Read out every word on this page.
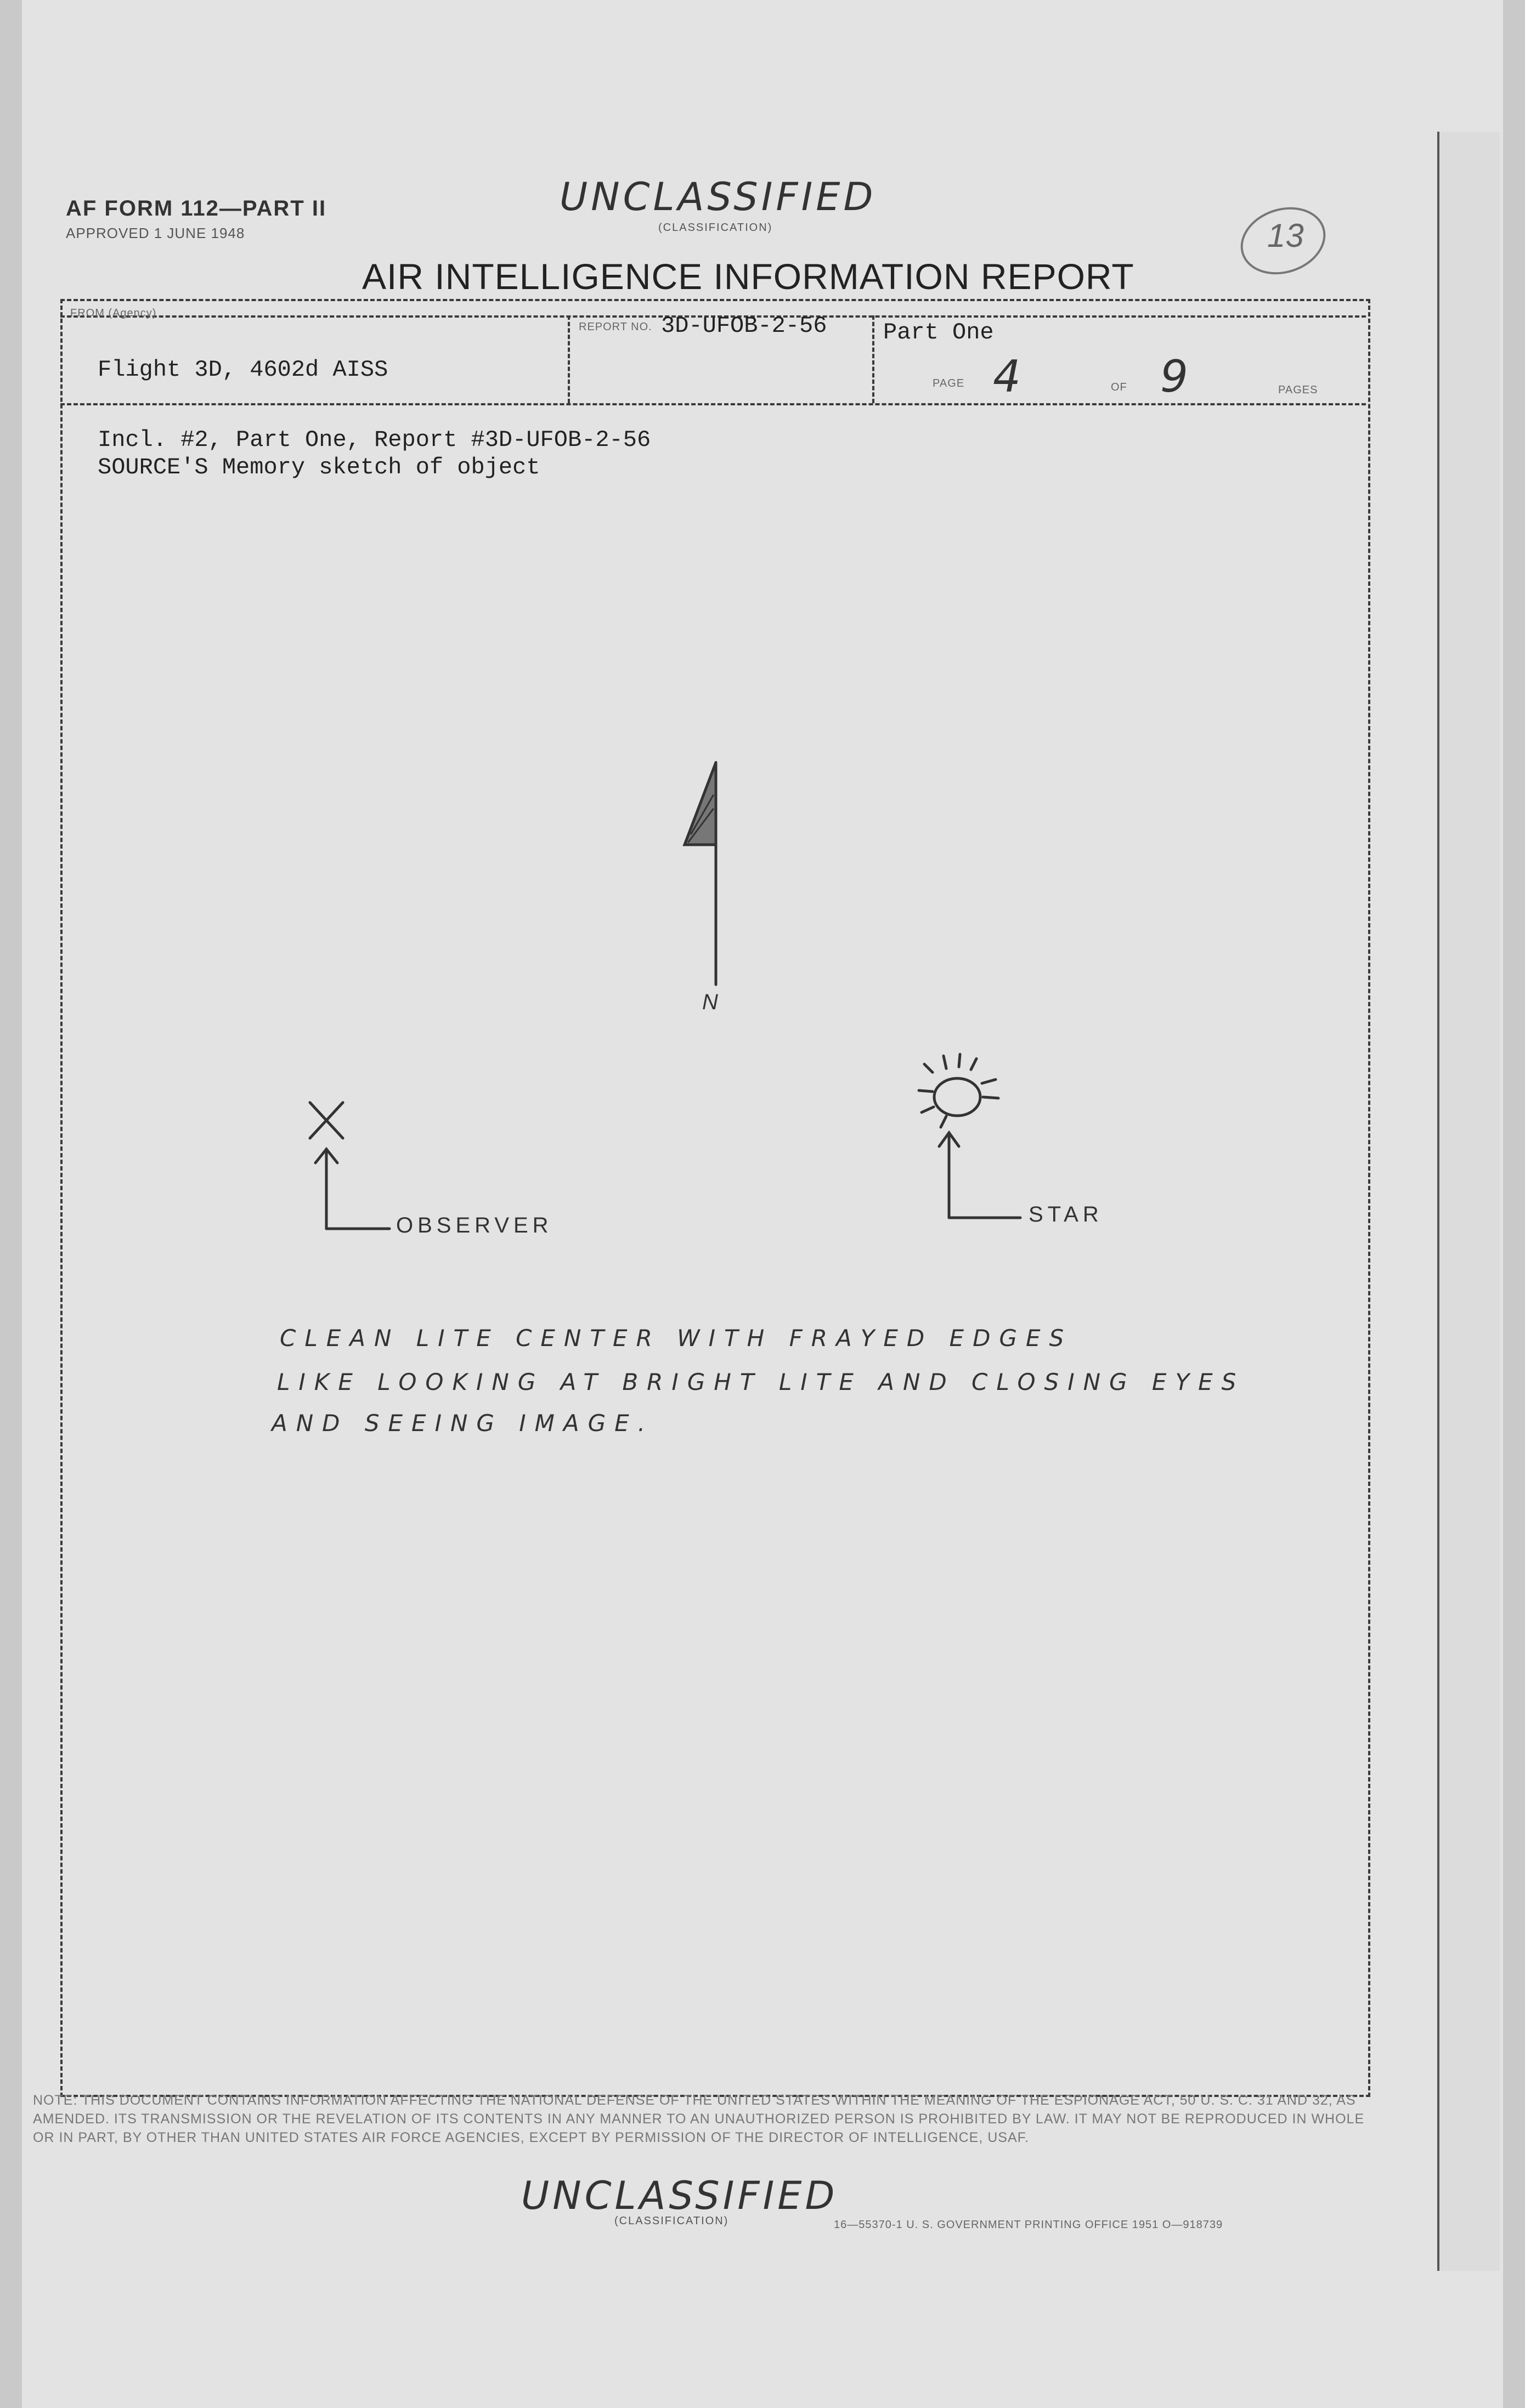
AF FORM 112—PART II
APPROVED 1 JUNE 1948
UNCLASSIFIED
(CLASSIFICATION)	13
AIR INTELLIGENCE INFORMATION REPORT
FROM (Agency)
Flight 3D, 4602d AISS
REPORT NO. 3D-UFOB-2-56 Part One
PAGE 4	OF 9	PAGES
Incl. #2, Part One, Report #3D-UFOB-2-56
SOURCE'S Memory sketch of object
N
OBSERVER	STAR
CLEAN LITE CENTER WITH FRAYED EDGES
LIKE LOOKING AT BRIGHT LITE AND CLOSING EYES
AND SEEING IMAGE.
NOTE: THIS DOCUMENT CONTAINS INFORMATION AFFECTING THE NATIONAL DEFENSE OF THE UNITED STATES WITHIN THE MEANING OF THE ESPIONAGE ACT, 50 U. S. C. 31 AND 32, AS AMENDED. ITS TRANSMISSION OR THE REVELATION OF ITS CONTENTS IN ANY MANNER TO AN UNAUTHORIZED PERSON IS PROHIBITED BY LAW. IT MAY NOT BE REPRODUCED IN WHOLE OR IN PART, BY OTHER THAN UNITED STATES AIR FORCE AGENCIES, EXCEPT BY PERMISSION OF THE DIRECTOR OF INTELLIGENCE, USAF.
UNCLASSIFIED
(CLASSIFICATION)	16—55370-1 U. S. GOVERNMENT PRINTING OFFICE 1951 O—918739
